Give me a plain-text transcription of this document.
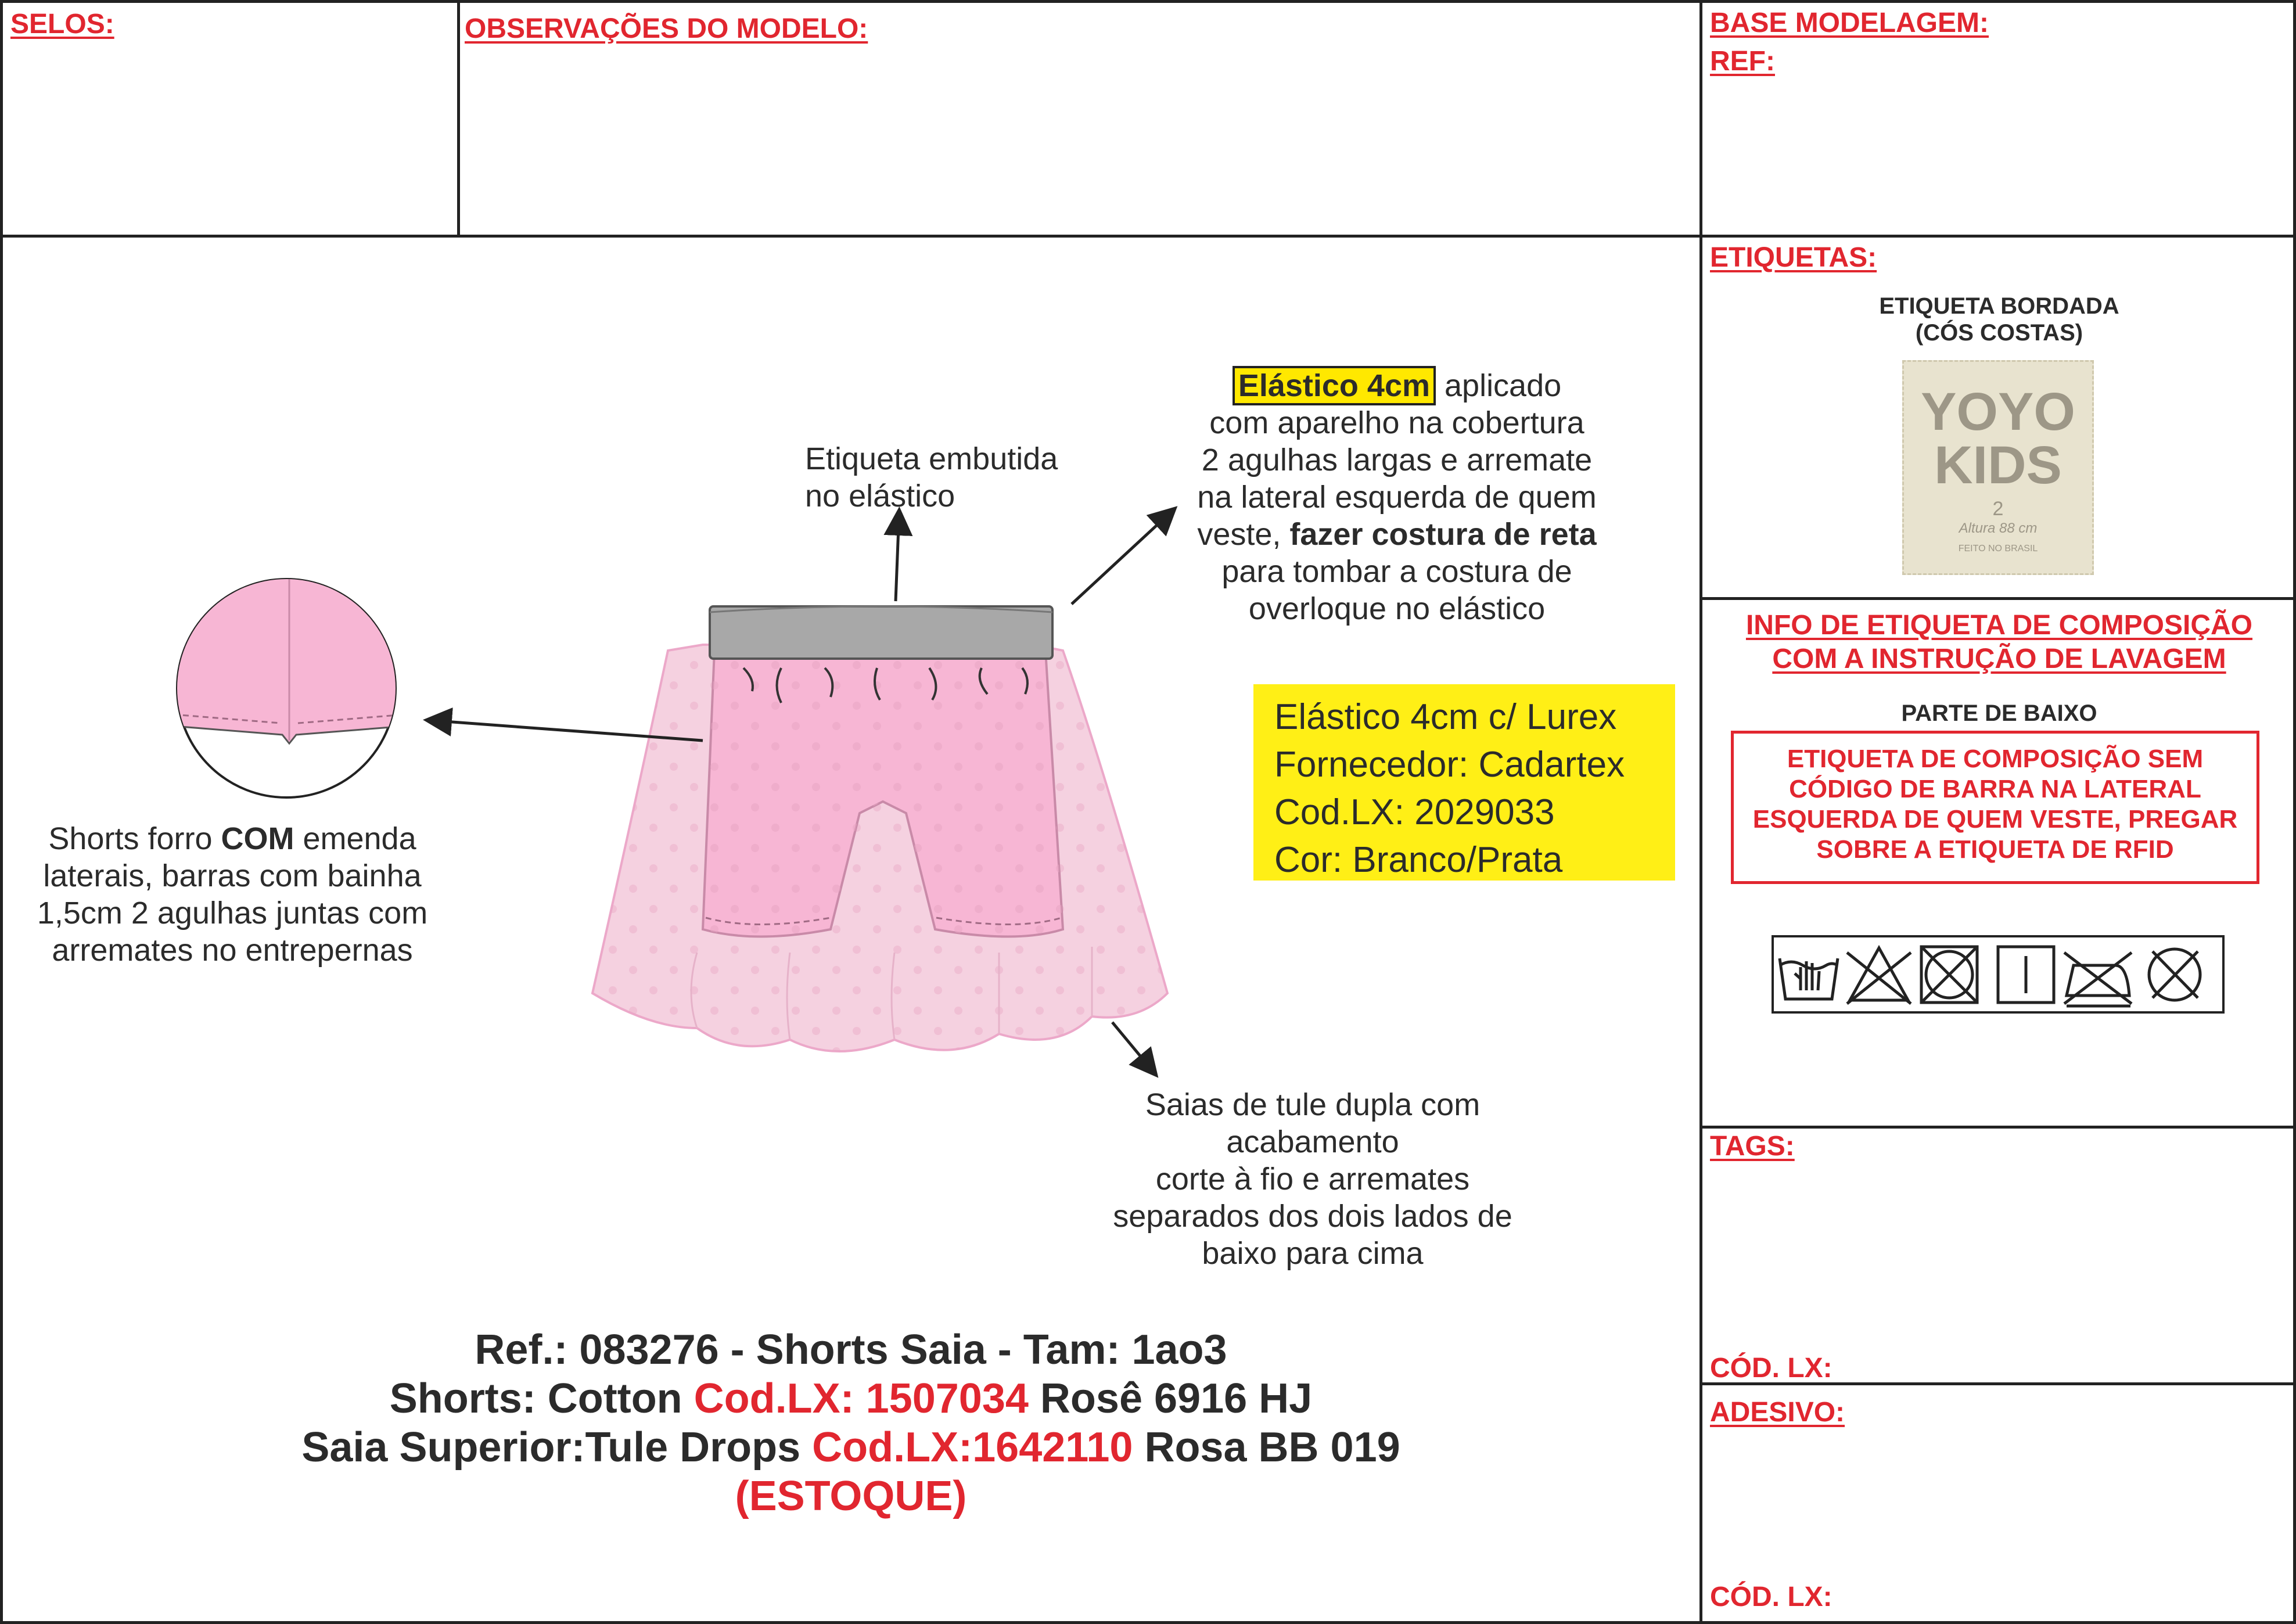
SELOS:	OBSERVAÇÕES DO MODELO:	BASE MODELAGEM:
REF:
ETIQUETAS:
ETIQUETA BORDADA
(CÓS COSTAS)
YOYO
KIDS
2
Altura 88 cm
FEITO NO BRASIL
INFO DE ETIQUETA DE COMPOSIÇÃO
COM A INSTRUÇÃO DE LAVAGEM
PARTE DE BAIXO
ETIQUETA DE COMPOSIÇÃO SEM
CÓDIGO DE BARRA NA LATERAL
ESQUERDA DE QUEM VESTE, PREGAR
SOBRE A ETIQUETA DE RFID
TAGS:
CÓD. LX:
ADESIVO:
CÓD. LX:
Etiqueta embutida
no elástico
Elástico 4cm aplicado
com aparelho na cobertura
2 agulhas largas e arremate
na lateral esquerda de quem
veste, fazer costura de reta
para tombar a costura de
overloque no elástico
Elástico 4cm c/ Lurex
Fornecedor: Cadartex
Cod.LX: 2029033
Cor: Branco/Prata
Shorts forro COM emenda
laterais, barras com bainha
1,5cm 2 agulhas juntas com
arremates no entrepernas
Saias de tule dupla com
acabamento
corte à fio e arremates
separados dos dois lados de
baixo para cima
Ref.: 083276 - Shorts Saia - Tam: 1ao3
Shorts: Cotton Cod.LX: 1507034 Rosê 6916 HJ
Saia Superior:Tule Drops Cod.LX:1642110 Rosa BB 019
(ESTOQUE)
